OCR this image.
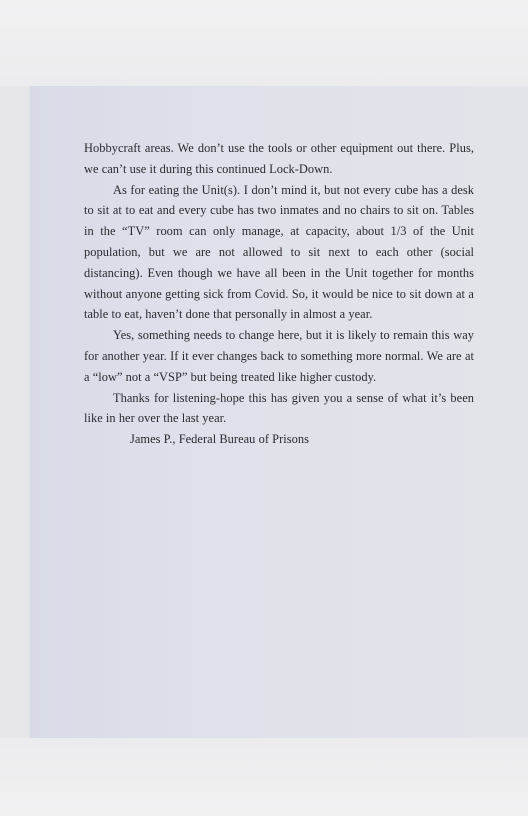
Hobbycraft areas. We don’t use the tools or other equipment out there. Plus, we can’t use it during this continued Lock-Down.

As for eating the Unit(s). I don’t mind it, but not every cube has a desk to sit at to eat and every cube has two inmates and no chairs to sit on. Tables in the “TV” room can only manage, at capacity, about 1/3 of the Unit population, but we are not allowed to sit next to each other (social distancing). Even though we have all been in the Unit together for months without anyone getting sick from Covid. So, it would be nice to sit down at a table to eat, haven’t done that personally in almost a year.

Yes, something needs to change here, but it is likely to remain this way for another year. If it ever changes back to something more normal. We are at a “low” not a “VSP” but being treated like higher custody.

Thanks for listening-hope this has given you a sense of what it’s been like in her over the last year.

James P., Federal Bureau of Prisons
